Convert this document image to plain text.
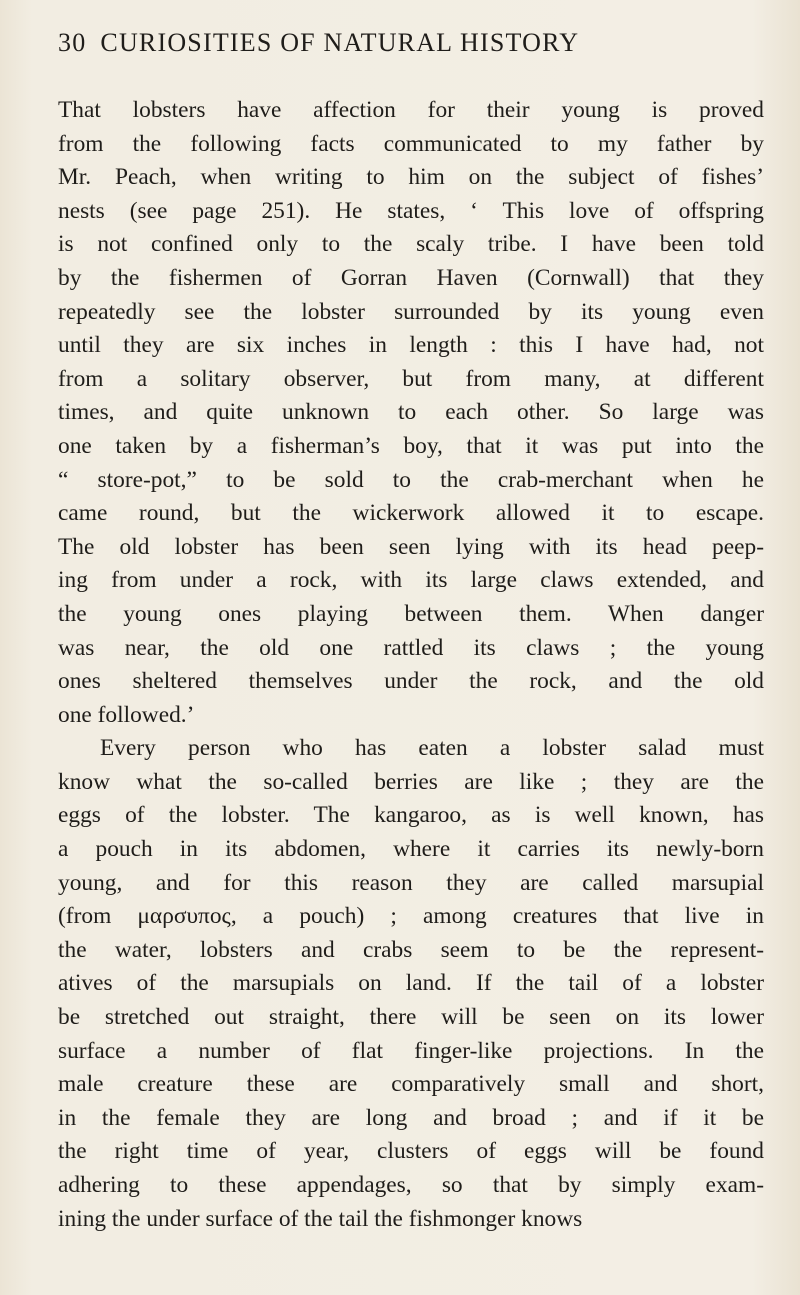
30 CURIOSITIES OF NATURAL HISTORY
That lobsters have affection for their young is proved
from the following facts communicated to my father by
Mr. Peach, when writing to him on the subject of fishes’
nests (see page 251). He states, ‘ This love of offspring
is not confined only to the scaly tribe. I have been told
by the fishermen of Gorran Haven (Cornwall) that they
repeatedly see the lobster surrounded by its young even
until they are six inches in length : this I have had, not
from a solitary observer, but from many, at different
times, and quite unknown to each other. So large was
one taken by a fisherman’s boy, that it was put into the
“ store-pot,” to be sold to the crab-merchant when he
came round, but the wickerwork allowed it to escape.
The old lobster has been seen lying with its head peep-
ing from under a rock, with its large claws extended, and
the young ones playing between them. When danger
was near, the old one rattled its claws ; the young
ones sheltered themselves under the rock, and the old
one followed.’
Every person who has eaten a lobster salad must
know what the so-called berries are like ; they are the
eggs of the lobster. The kangaroo, as is well known, has
a pouch in its abdomen, where it carries its newly-born
young, and for this reason they are called marsupial
(from μαρσυπος, a pouch) ; among creatures that live in
the water, lobsters and crabs seem to be the represent-
atives of the marsupials on land. If the tail of a lobster
be stretched out straight, there will be seen on its lower
surface a number of flat finger-like projections. In the
male creature these are comparatively small and short,
in the female they are long and broad ; and if it be
the right time of year, clusters of eggs will be found
adhering to these appendages, so that by simply exam-
ining the under surface of the tail the fishmonger knows
